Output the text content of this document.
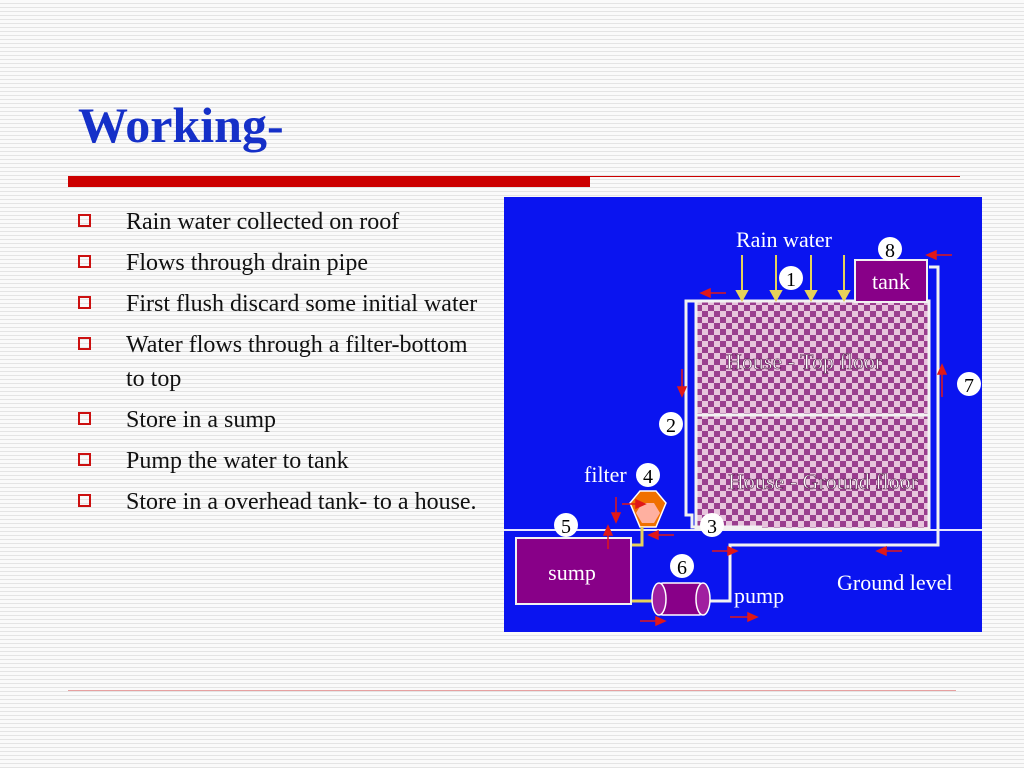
Working-
Rain water collected on roof
Flows through drain pipe
First flush discard some initial water
Water flows through a filter-bottom to top
Store in a sump
Pump the water to tank
Store in a overhead tank- to a house.
House - Top floor
House - Ground floor
tank
Rain water
filter
sump
pump
Ground level
1
2
3
4
5
6
7
8
